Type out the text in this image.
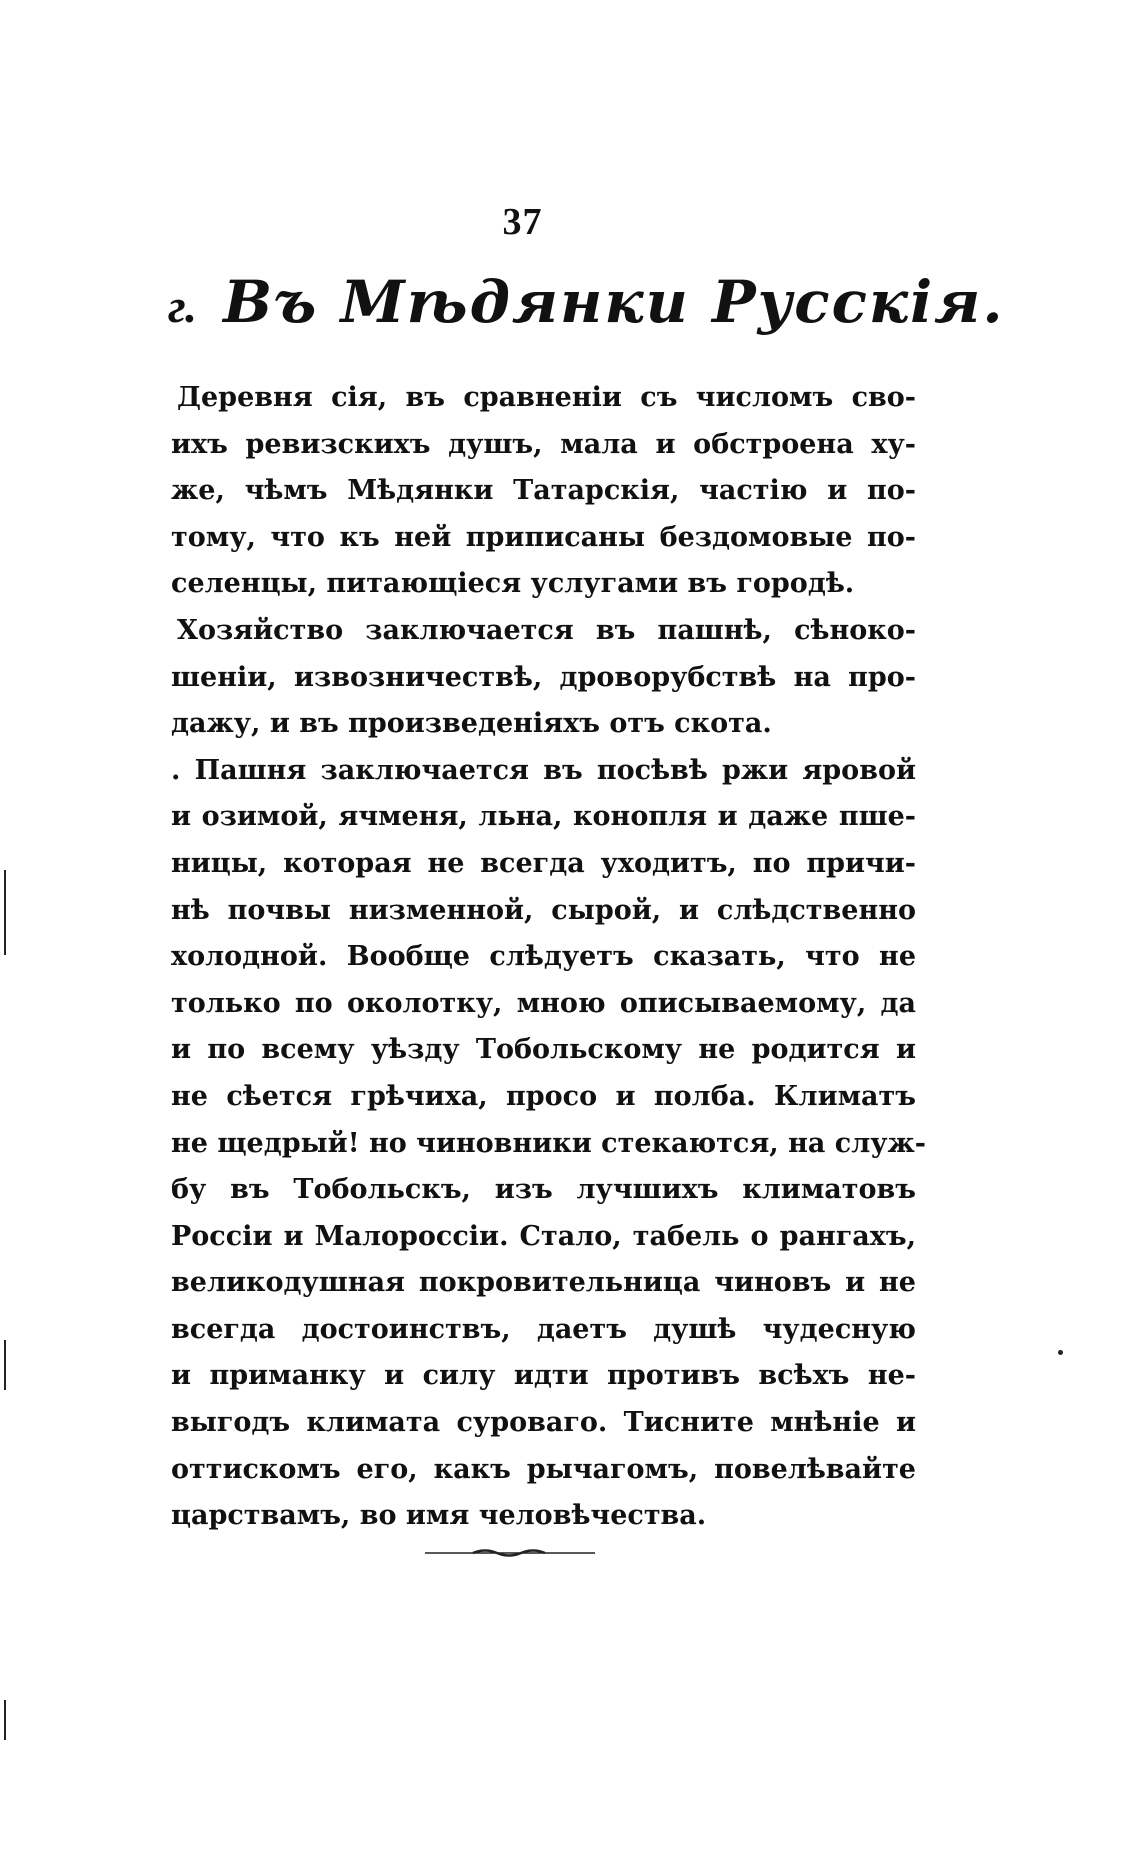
37
г. Въ Мѣдянки Русскія.
Деревня сія, въ сравненіи съ числомъ сво-
ихъ ревизскихъ душъ, мала и обстроена ху-
же, чѣмъ Мѣдянки Татарскія, частію и по-
тому, что къ ней приписаны бездомовые по-
селенцы, питающіеся услугами въ городѣ.
Хозяйство заключается въ пашнѣ, сѣноко-
шеніи, извозничествѣ, дроворубствѣ на про-
дажу, и въ произведеніяхъ отъ скота.
. Пашня заключается въ посѣвѣ ржи яровой
и озимой, ячменя, льна, конопля и даже пше-
ницы, которая не всегда уходитъ, по причи-
нѣ почвы низменной, сырой, и слѣдственно
холодной. Вообще слѣдуетъ сказать, что не
только по околотку, мною описываемому, да
и по всему уѣзду Тобольскому не родится и
не сѣется грѣчиха, просо и полба. Климатъ
не щедрый! но чиновники стекаются, на служ-
бу въ Тобольскъ, изъ лучшихъ климатовъ
Россіи и Малороссіи. Стало, табель о рангахъ,
великодушная покровительница чиновъ и не
всегда достоинствъ, даетъ душѣ чудесную
и приманку и силу идти противъ всѣхъ не-
выгодъ климата суроваго. Тисните мнѣніе и
оттискомъ его, какъ рычагомъ, повелѣвайте
царствамъ, во имя человѣчества.
